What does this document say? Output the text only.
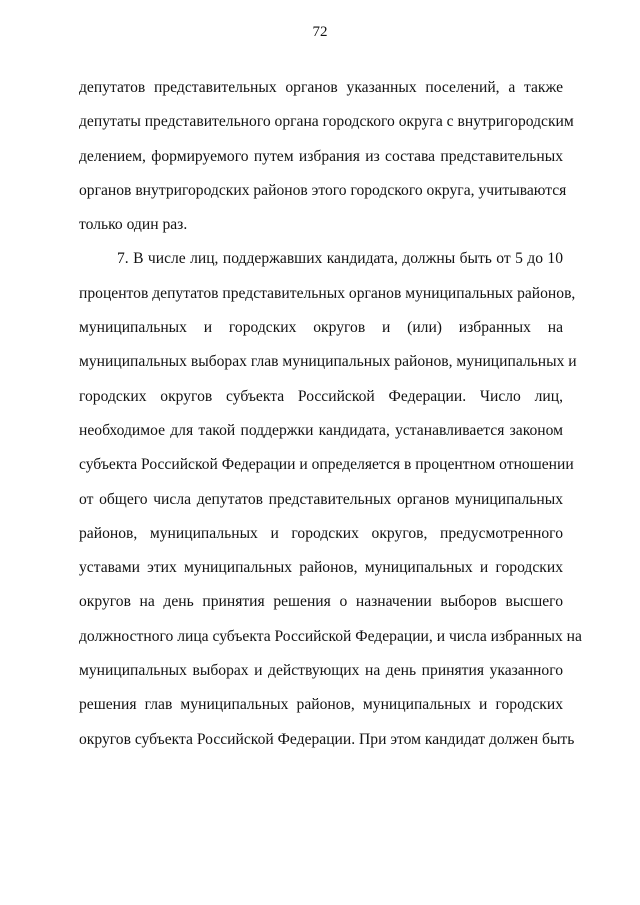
72
депутатов представительных органов указанных поселений, а также
депутаты представительного органа городского округа с внутригородским
делением, формируемого путем избрания из состава представительных
органов внутригородских районов этого городского округа, учитываются
только один раз.
7. В числе лиц, поддержавших кандидата, должны быть от 5 до 10
процентов депутатов представительных органов муниципальных районов,
муниципальных и городских округов и (или) избранных на
муниципальных выборах глав муниципальных районов, муниципальных и
городских округов субъекта Российской Федерации. Число лиц,
необходимое для такой поддержки кандидата, устанавливается законом
субъекта Российской Федерации и определяется в процентном отношении
от общего числа депутатов представительных органов муниципальных
районов, муниципальных и городских округов, предусмотренного
уставами этих муниципальных районов, муниципальных и городских
округов на день принятия решения о назначении выборов высшего
должностного лица субъекта Российской Федерации, и числа избранных на
муниципальных выборах и действующих на день принятия указанного
решения глав муниципальных районов, муниципальных и городских
округов субъекта Российской Федерации. При этом кандидат должен быть
